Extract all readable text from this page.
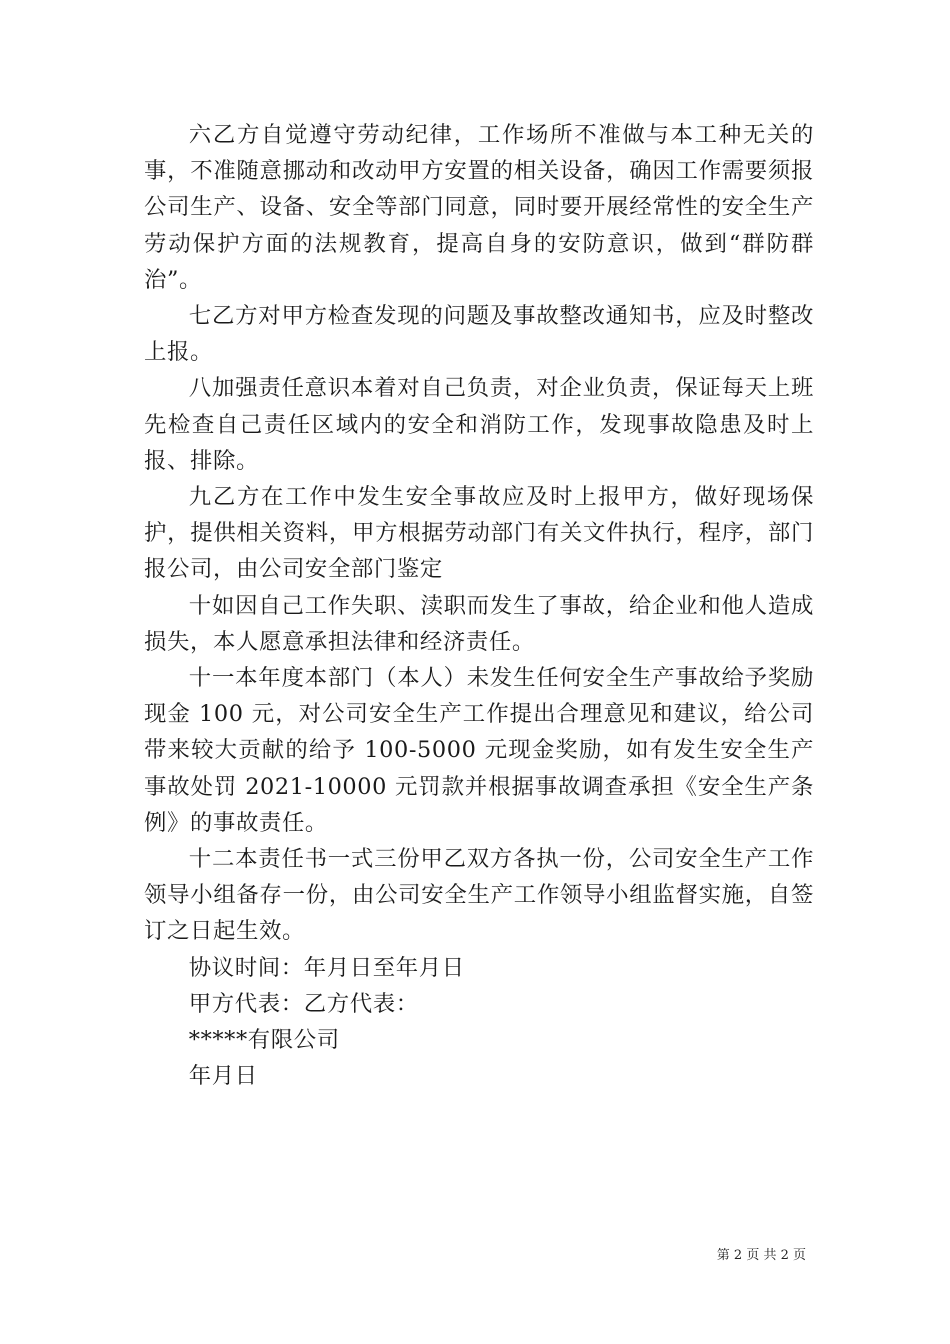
六乙方自觉遵守劳动纪律，工作场所不准做与本工种无关的事，不准随意挪动和改动甲方安置的相关设备，确因工作需要须报公司生产、设备、安全等部门同意，同时要开展经常性的安全生产劳动保护方面的法规教育，提高自身的安防意识，做到“群防群治”。

七乙方对甲方检查发现的问题及事故整改通知书，应及时整改上报。

八加强责任意识本着对自己负责，对企业负责，保证每天上班先检查自己责任区域内的安全和消防工作，发现事故隐患及时上报、排除。

九乙方在工作中发生安全事故应及时上报甲方，做好现场保护，提供相关资料，甲方根据劳动部门有关文件执行，程序，部门报公司，由公司安全部门鉴定

十如因自己工作失职、渎职而发生了事故，给企业和他人造成损失，本人愿意承担法律和经济责任。

十一本年度本部门（本人）未发生任何安全生产事故给予奖励现金 100 元，对公司安全生产工作提出合理意见和建议，给公司带来较大贡献的给予 100-5000 元现金奖励，如有发生安全生产事故处罚 2021-10000 元罚款并根据事故调查承担《安全生产条例》的事故责任。

十二本责任书一式三份甲乙双方各执一份，公司安全生产工作领导小组备存一份，由公司安全生产工作领导小组监督实施，自签订之日起生效。

协议时间：年月日至年月日

甲方代表：乙方代表：

*****有限公司

年月日

第 2 页 共 2 页
